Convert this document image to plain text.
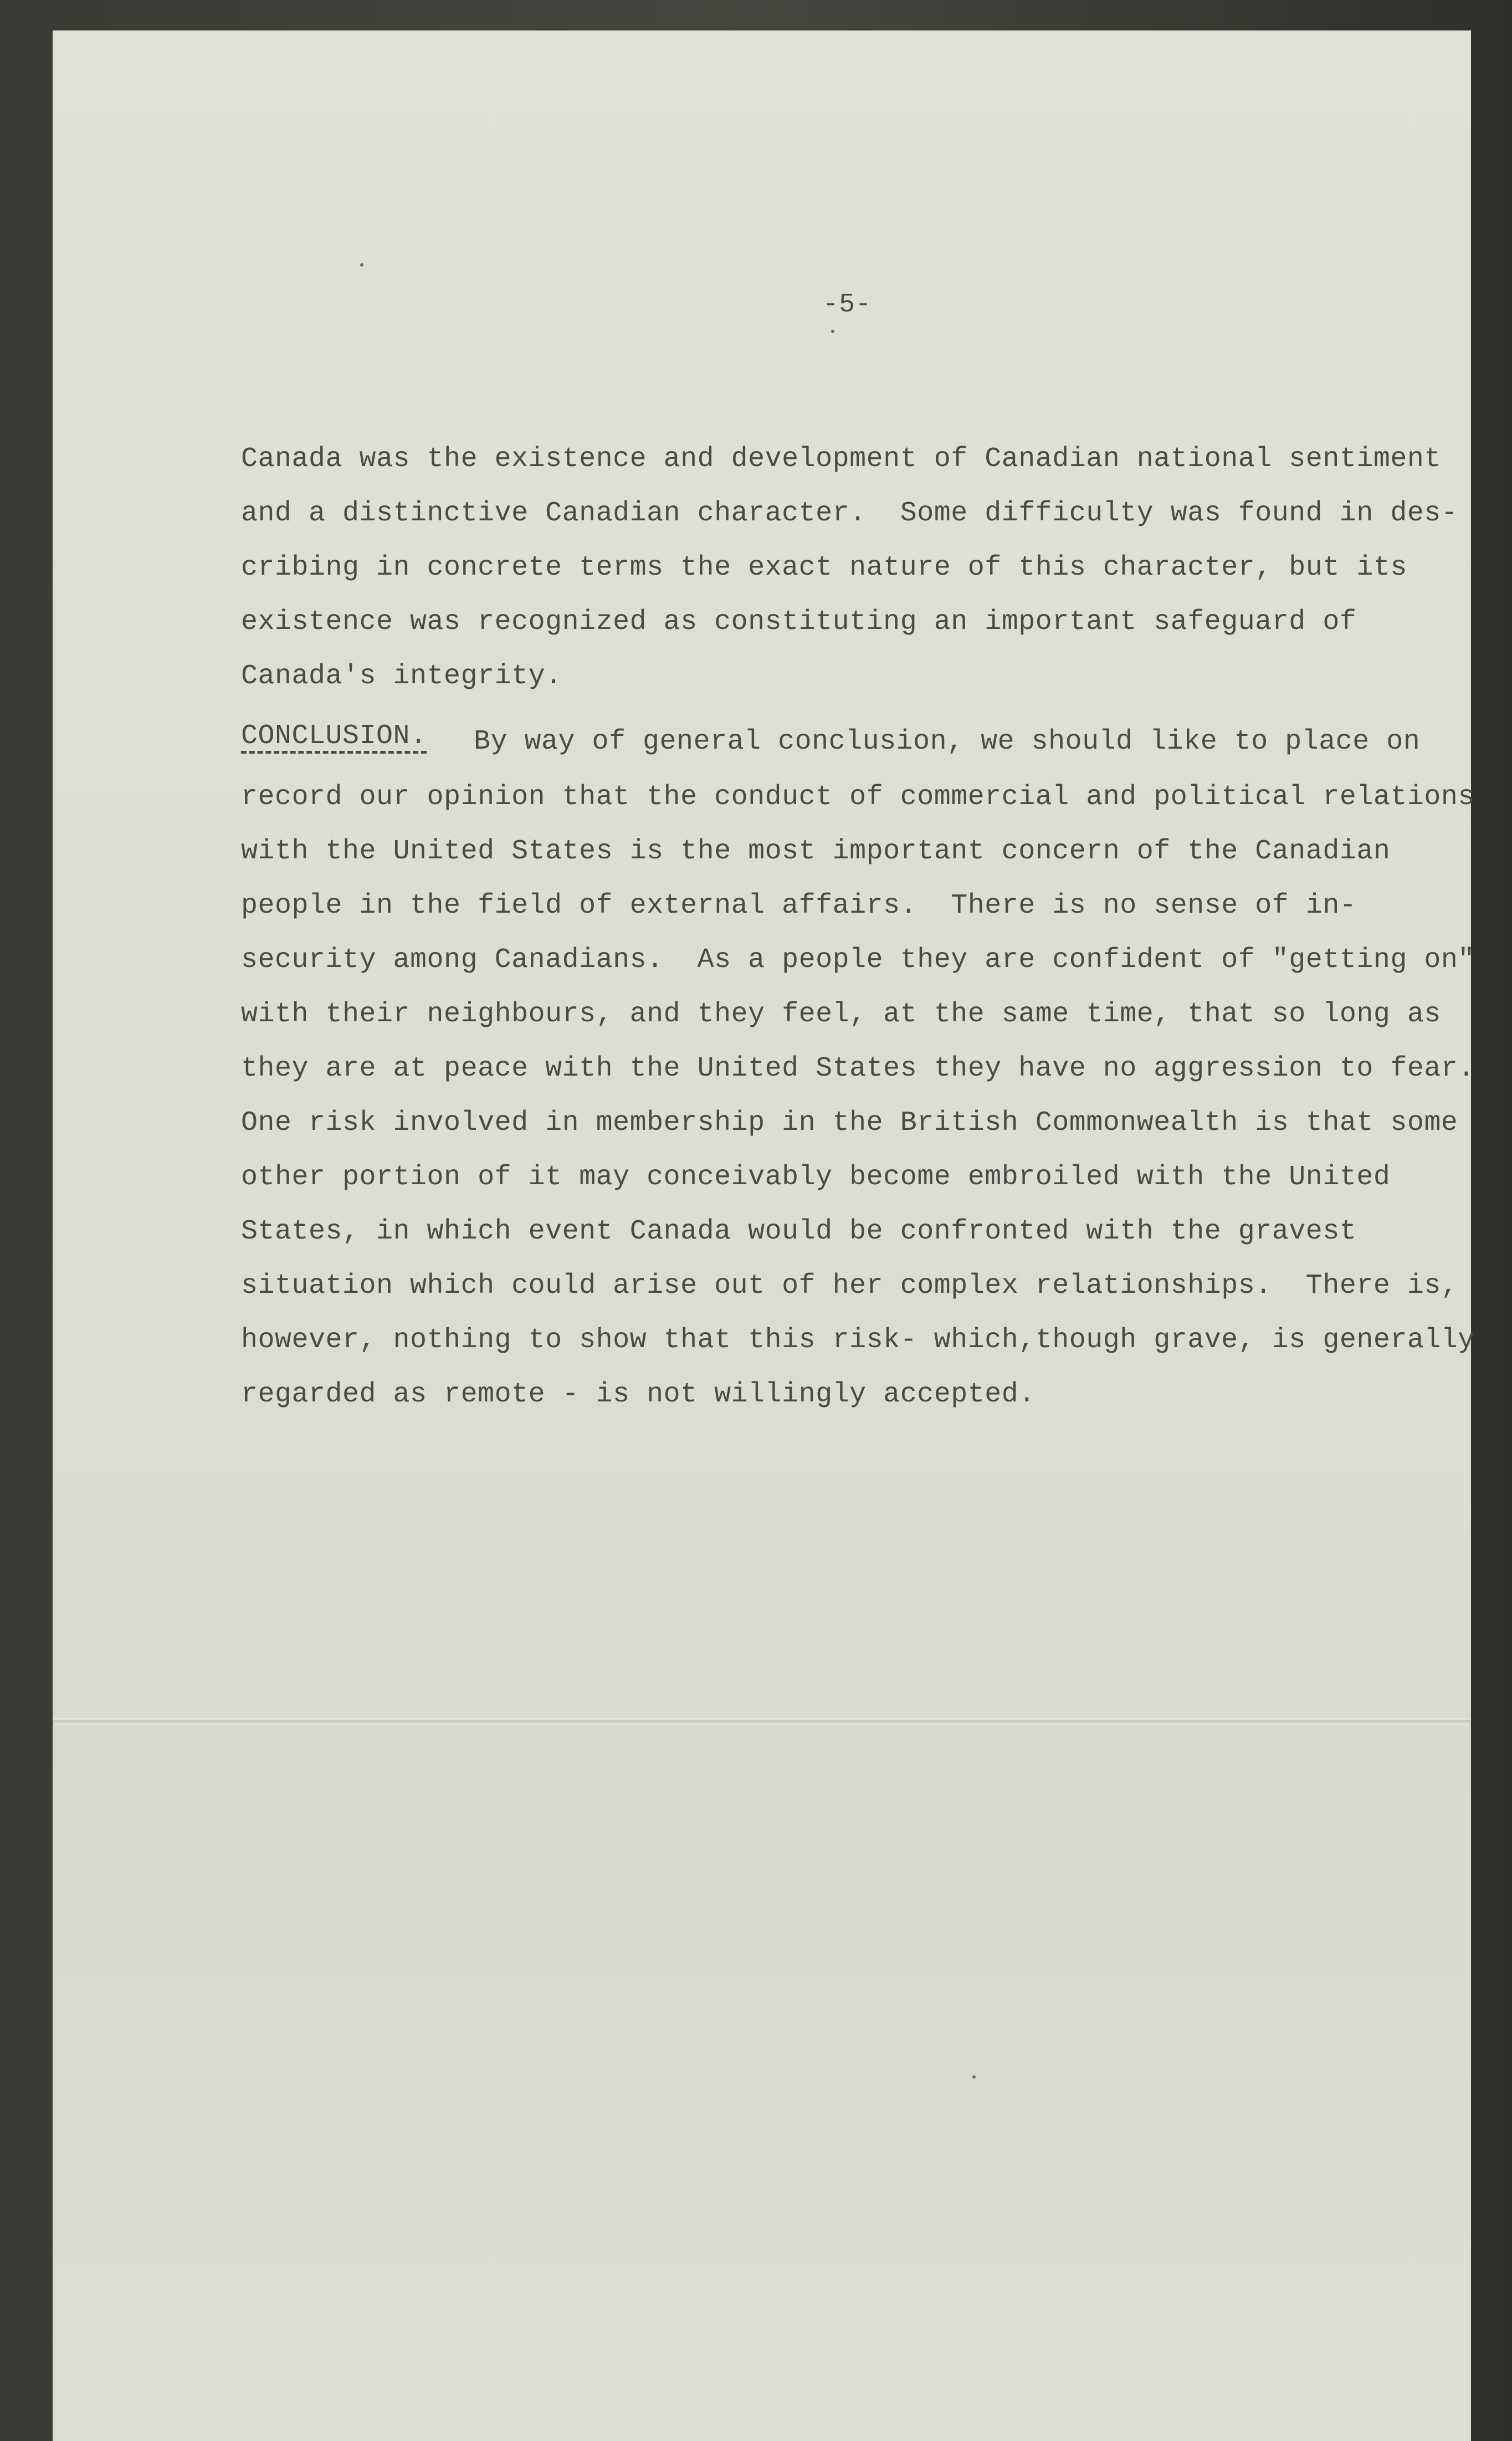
-5-
Canada was the existence and development of Canadian national sentiment
and a distinctive Canadian character.  Some difficulty was found in des-
cribing in concrete terms the exact nature of this character, but its
existence was recognized as constituting an important safeguard of
Canada's integrity.
CONCLUSION. By way of general conclusion, we should like to place on
record our opinion that the conduct of commercial and political relations
with the United States is the most important concern of the Canadian
people in the field of external affairs.  There is no sense of in-
security among Canadians.  As a people they are confident of "getting on"
with their neighbours, and they feel, at the same time, that so long as
they are at peace with the United States they have no aggression to fear.
One risk involved in membership in the British Commonwealth is that some
other portion of it may conceivably become embroiled with the United
States, in which event Canada would be confronted with the gravest
situation which could arise out of her complex relationships.  There is,
however, nothing to show that this risk- which,though grave, is generally
regarded as remote - is not willingly accepted.
